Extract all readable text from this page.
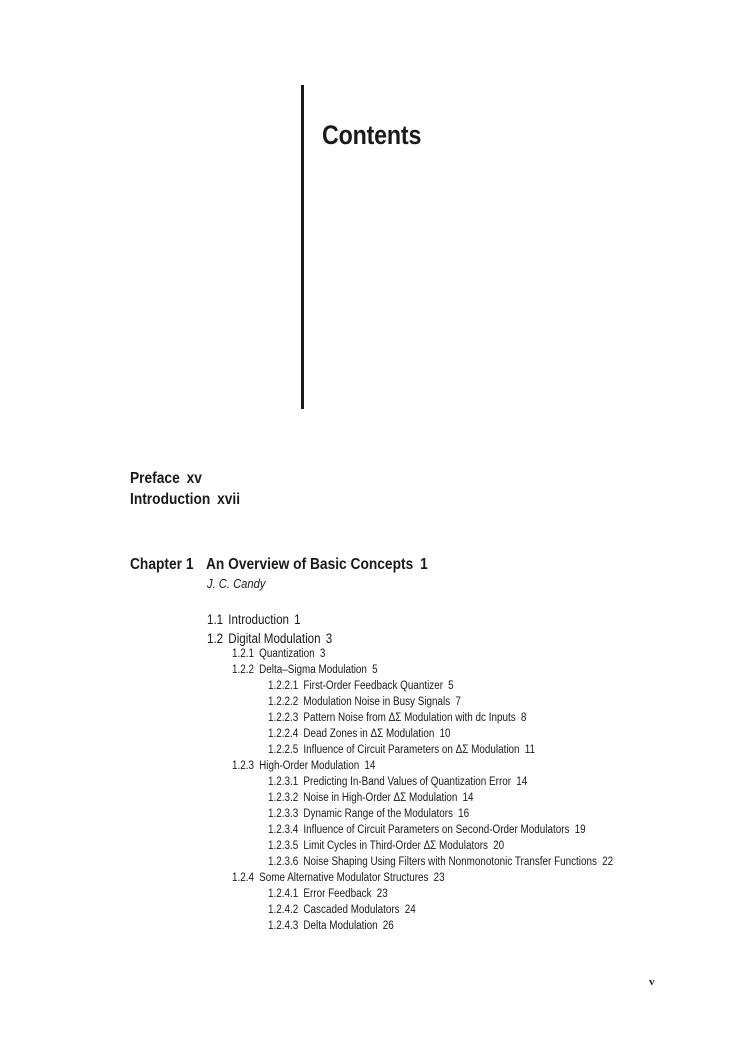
Contents
Preface xv
Introduction xvii
Chapter 1 An Overview of Basic Concepts 1
J. C. Candy
1.1 Introduction 1
1.2 Digital Modulation 3
1.2.1 Quantization 3
1.2.2 Delta–Sigma Modulation 5
1.2.2.1 First-Order Feedback Quantizer 5
1.2.2.2 Modulation Noise in Busy Signals 7
1.2.2.3 Pattern Noise from ΔΣ Modulation with dc Inputs 8
1.2.2.4 Dead Zones in ΔΣ Modulation 10
1.2.2.5 Influence of Circuit Parameters on ΔΣ Modulation 11
1.2.3 High-Order Modulation 14
1.2.3.1 Predicting In-Band Values of Quantization Error 14
1.2.3.2 Noise in High-Order ΔΣ Modulation 14
1.2.3.3 Dynamic Range of the Modulators 16
1.2.3.4 Influence of Circuit Parameters on Second-Order Modulators 19
1.2.3.5 Limit Cycles in Third-Order ΔΣ Modulators 20
1.2.3.6 Noise Shaping Using Filters with Nonmonotonic Transfer Functions 22
1.2.4 Some Alternative Modulator Structures 23
1.2.4.1 Error Feedback 23
1.2.4.2 Cascaded Modulators 24
1.2.4.3 Delta Modulation 26
v
